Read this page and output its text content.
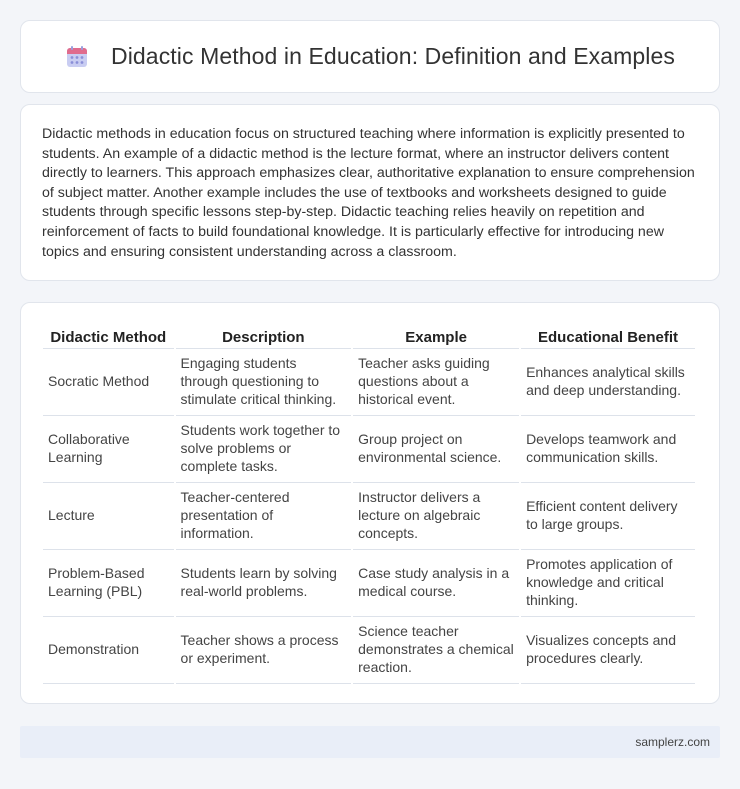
Didactic Method in Education: Definition and Examples

Didactic methods in education focus on structured teaching where information is explicitly presented to students. An example of a didactic method is the lecture format, where an instructor delivers content directly to learners. This approach emphasizes clear, authoritative explanation to ensure comprehension of subject matter. Another example includes the use of textbooks and worksheets designed to guide students through specific lessons step-by-step. Didactic teaching relies heavily on repetition and reinforcement of facts to build foundational knowledge. It is particularly effective for introducing new topics and ensuring consistent understanding across a classroom.

Didactic Method	Description	Example	Educational Benefit
Socratic Method	Engaging students through questioning to stimulate critical thinking.	Teacher asks guiding questions about a historical event.	Enhances analytical skills and deep understanding.
Collaborative Learning	Students work together to solve problems or complete tasks.	Group project on environmental science.	Develops teamwork and communication skills.
Lecture	Teacher-centered presentation of information.	Instructor delivers a lecture on algebraic concepts.	Efficient content delivery to large groups.
Problem-Based Learning (PBL)	Students learn by solving real-world problems.	Case study analysis in a medical course.	Promotes application of knowledge and critical thinking.
Demonstration	Teacher shows a process or experiment.	Science teacher demonstrates a chemical reaction.	Visualizes concepts and procedures clearly.
samplerz.com
